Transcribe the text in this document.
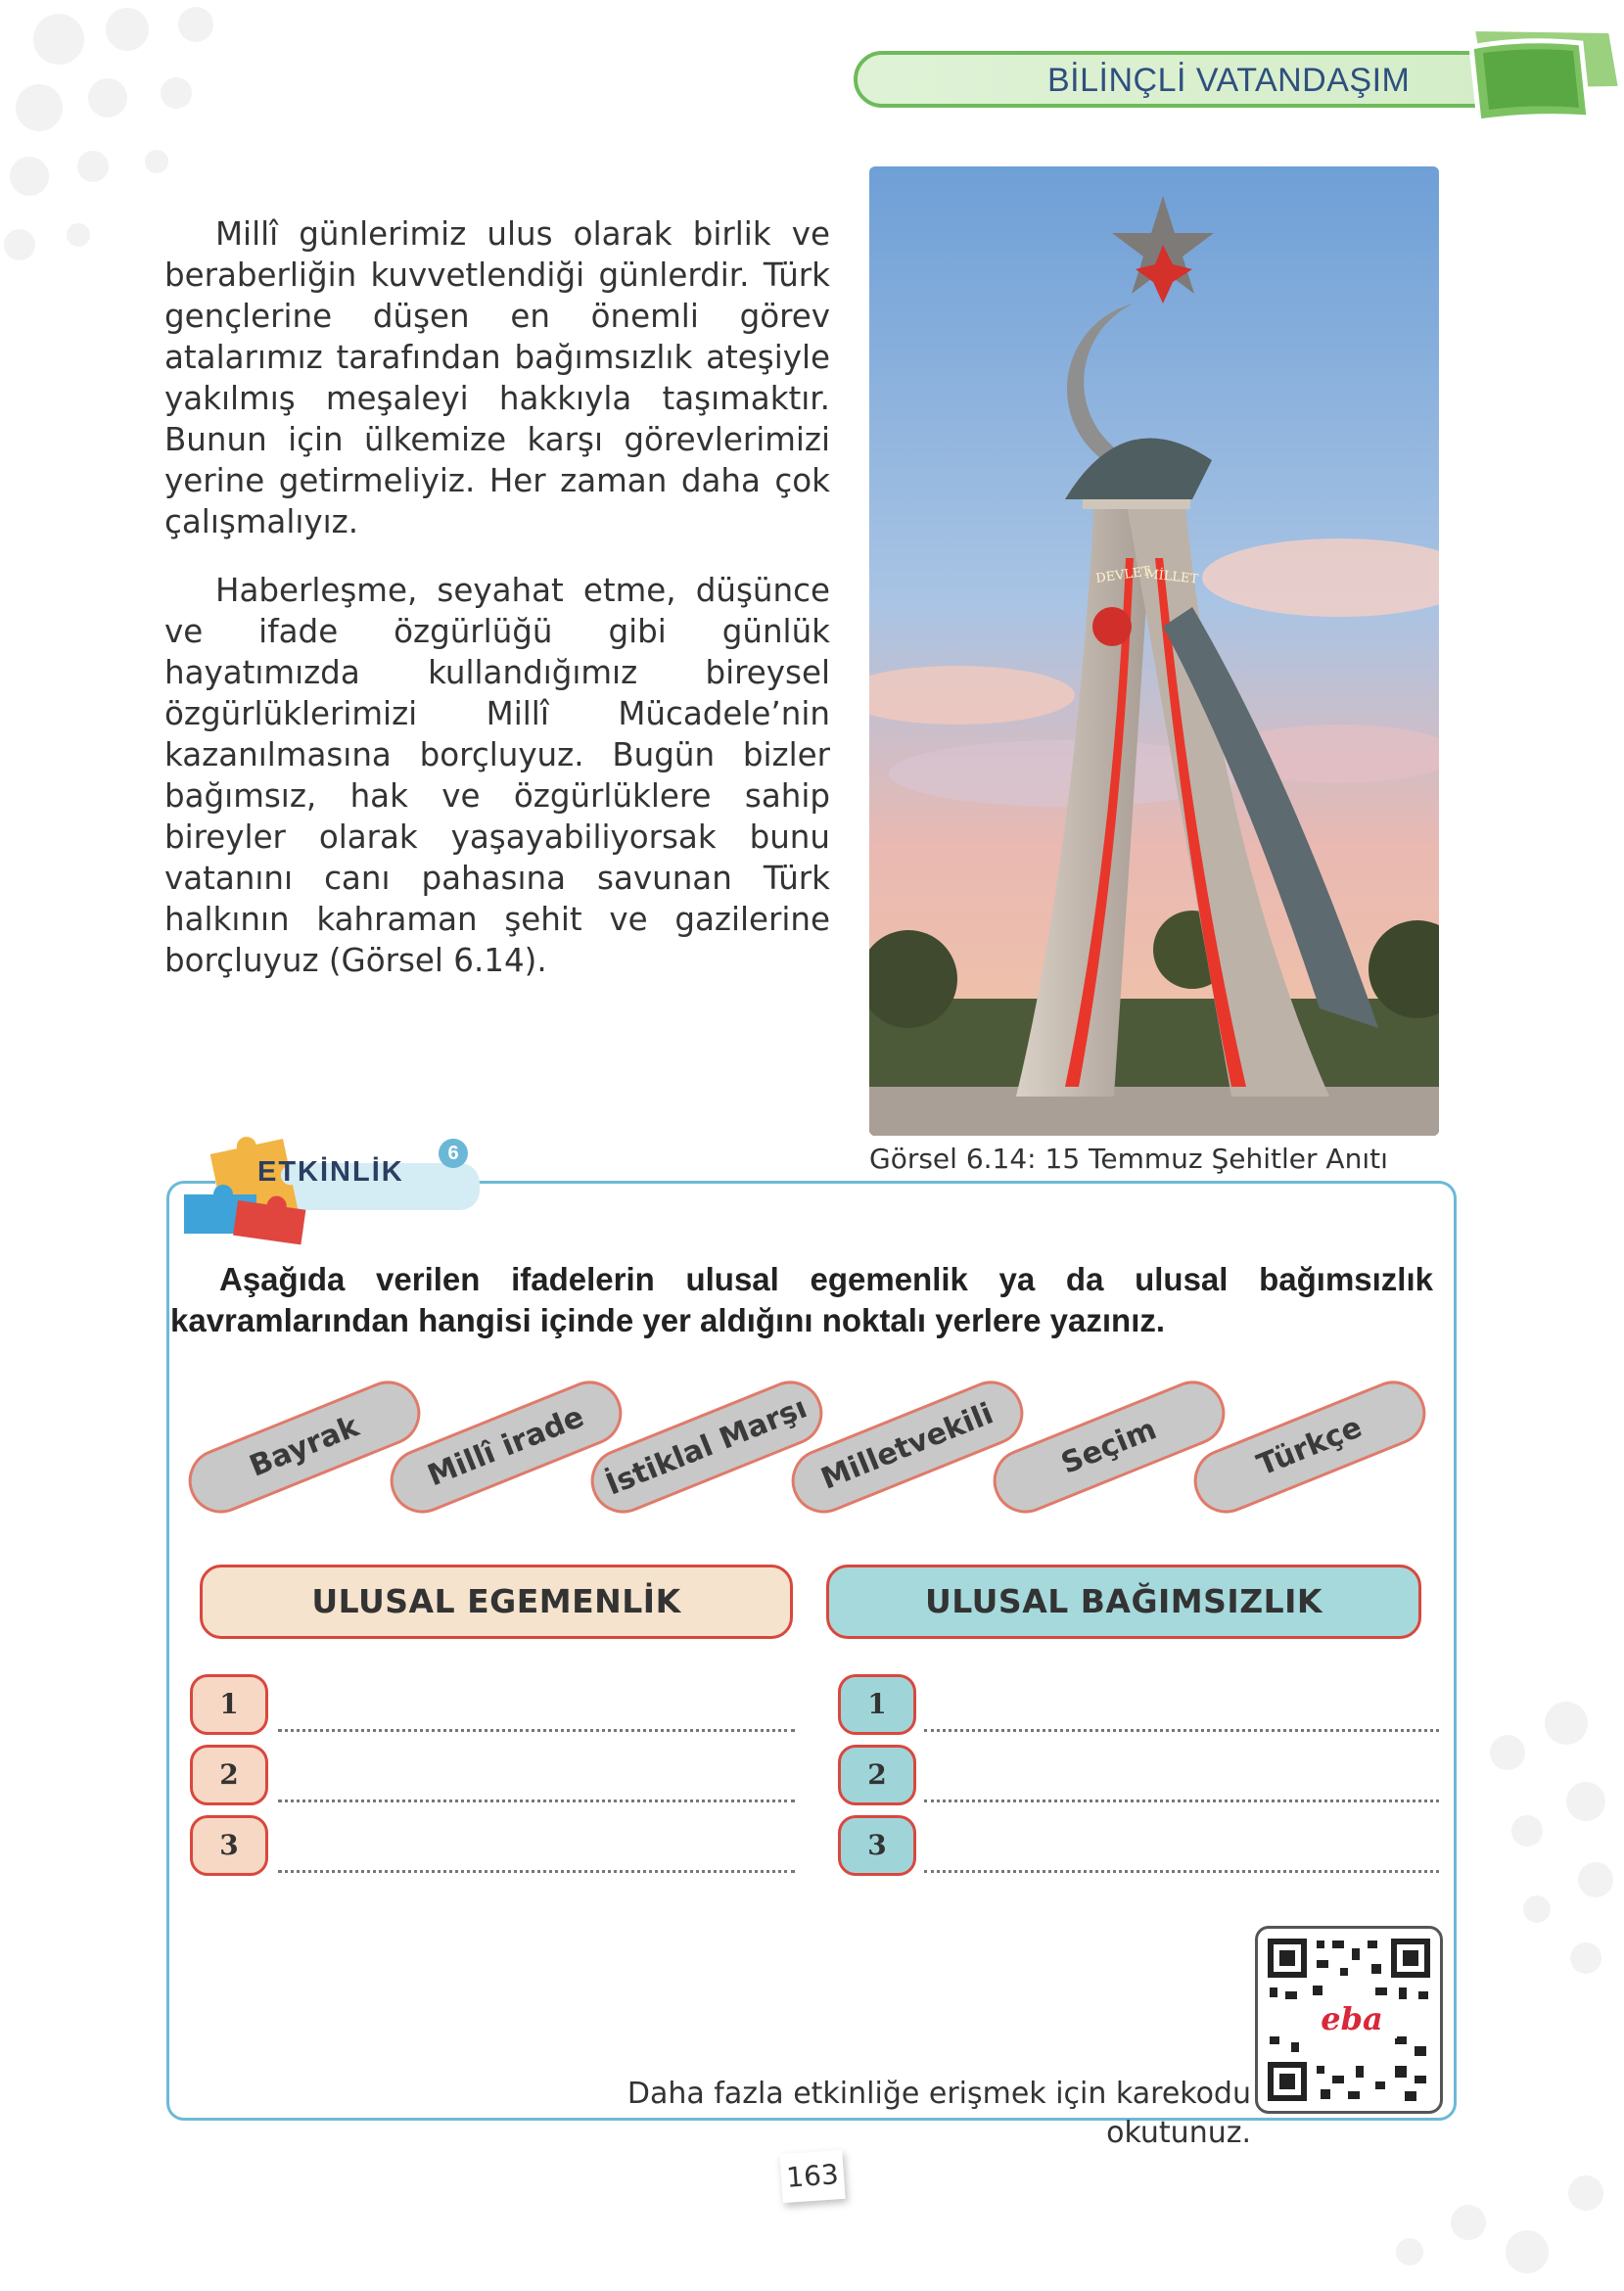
BİLİNÇLİ VATANDAŞIM

Millî günlerimiz ulus olarak birlik ve beraberliğin kuvvetlendiği günlerdir. Türk gençlerine düşen en önemli görev atalarımız tarafından bağımsızlık ateşiyle yakılmış meşaleyi hakkıyla taşımaktır. Bunun için ülkemize karşı görevlerimizi yerine getirmeliyiz. Her zaman daha çok çalışmalıyız.

Haberleşme, seyahat etme, düşünce ve ifade özgürlüğü gibi günlük hayatımızda kullandığımız bireysel özgürlüklerimizi Millî Mücadele’nin kazanılmasına borçluyuz. Bugün bizler bağımsız, hak ve özgürlüklere sahip bireyler olarak yaşayabiliyorsak bunu vatanını canı pahasına savunan Türk halkının kahraman şehit ve gazilerine borçluyuz (Görsel 6.14).

DEVLET
MİLLET
Görsel 6.14: 15 Temmuz Şehitler Anıtı
ETKİNLİK
6

Aşağıda verilen ifadelerin ulusal egemenlik ya da ulusal bağımsızlık kavramlarından hangisi içinde yer aldığını noktalı yerlere yazınız.

Bayrak	Millî irade İstiklal Marşı Milletvekili	Seçim	Türkçe
ULUSAL EGEMENLİK	ULUSAL BAĞIMSIZLIK
1
2
3
1
2
3
eba
Daha fazla etkinliğe erişmek için karekodu okutunuz.
163
